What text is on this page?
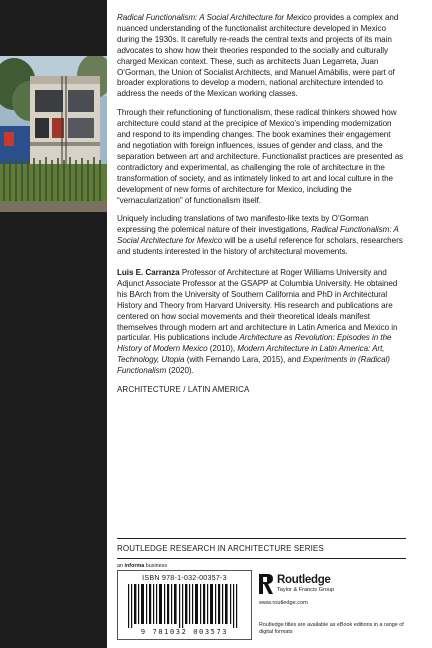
Radical Functionalism: A Social Architecture for Mexico provides a complex and nuanced understanding of the functionalist architecture developed in Mexico during the 1930s. It carefully re-reads the central texts and projects of its main advocates to show how their theories responded to the socially and culturally charged Mexican context. These, such as architects Juan Legarreta, Juan O’Gorman, the Union of Socialist Architects, and Manuel Amábilis, were part of broader explorations to develop a modern, national architecture intended to address the needs of the Mexican working classes.

Through their refunctioning of functionalism, these radical thinkers showed how architecture could stand at the precipice of Mexico’s impending modernization and respond to its impending changes. The book examines their engagement and negotiation with foreign influences, issues of gender and class, and the separation between art and architecture. Functionalist practices are presented as contradictory and experimental, as challenging the role of architecture in the transformation of society, and as intimately linked to art and local culture in the development of new forms of architecture for Mexico, including the “vernacularization” of functionalism itself.

Uniquely including translations of two manifesto-like texts by O’Gorman expressing the polemical nature of their investigations, Radical Functionalism: A Social Architecture for Mexico will be a useful reference for scholars, researchers and students interested in the history of architectural movements.

Luis E. Carranza Professor of Architecture at Roger Williams University and Adjunct Associate Professor at the GSAPP at Columbia University. He obtained his BArch from the University of Southern California and PhD in Architectural History and Theory from Harvard University. His research and publications are centered on how social movements and their theoretical ideals manifest themselves through modern art and architecture in Latin America and Mexico in particular. His publications include Architecture as Revolution: Episodes in the History of Modern Mexico (2010), Modern Architecture in Latin America: Art, Technology, Utopia (with Fernando Lara, 2015), and Experiments in (Radical) Functionalism (2020).

ARCHITECTURE / LATIN AMERICA

ROUTLEDGE RESEARCH IN ARCHITECTURE SERIES
an informa business
ISBN 978-1-032-00357-3
9 781032 003573
Routledge
Taylor & Francis Group
www.routledge.com
Routledge titles are available as eBook editions in a range of digital formats
